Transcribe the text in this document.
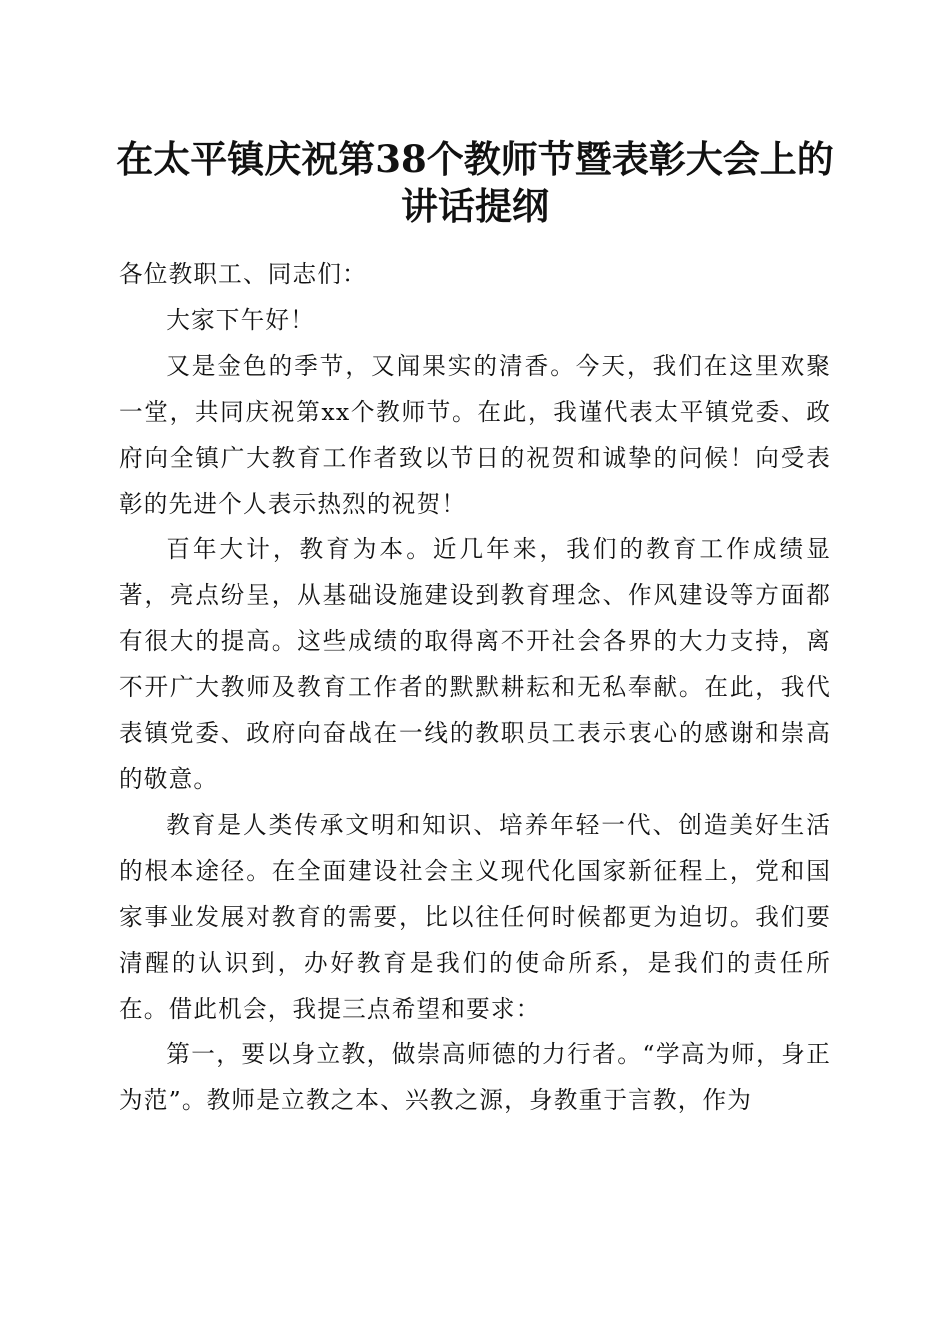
在太平镇庆祝第38个教师节暨表彰大会上的
讲话提纲

各位教职工、同志们：

大家下午好！

又是金色的季节，又闻果实的清香。今天，我们在这里欢聚一堂，共同庆祝第xx个教师节。在此，我谨代表太平镇党委、政府向全镇广大教育工作者致以节日的祝贺和诚挚的问候！向受表彰的先进个人表示热烈的祝贺！

百年大计，教育为本。近几年来，我们的教育工作成绩显著，亮点纷呈，从基础设施建设到教育理念、作风建设等方面都有很大的提高。这些成绩的取得离不开社会各界的大力支持，离不开广大教师及教育工作者的默默耕耘和无私奉献。在此，我代表镇党委、政府向奋战在一线的教职员工表示衷心的感谢和崇高的敬意。

教育是人类传承文明和知识、培养年轻一代、创造美好生活的根本途径。在全面建设社会主义现代化国家新征程上，党和国家事业发展对教育的需要，比以往任何时候都更为迫切。我们要清醒的认识到，办好教育是我们的使命所系，是我们的责任所在。借此机会，我提三点希望和要求：

第一，要以身立教，做崇高师德的力行者。“学高为师，身正为范”。教师是立教之本、兴教之源，身教重于言教，作为
